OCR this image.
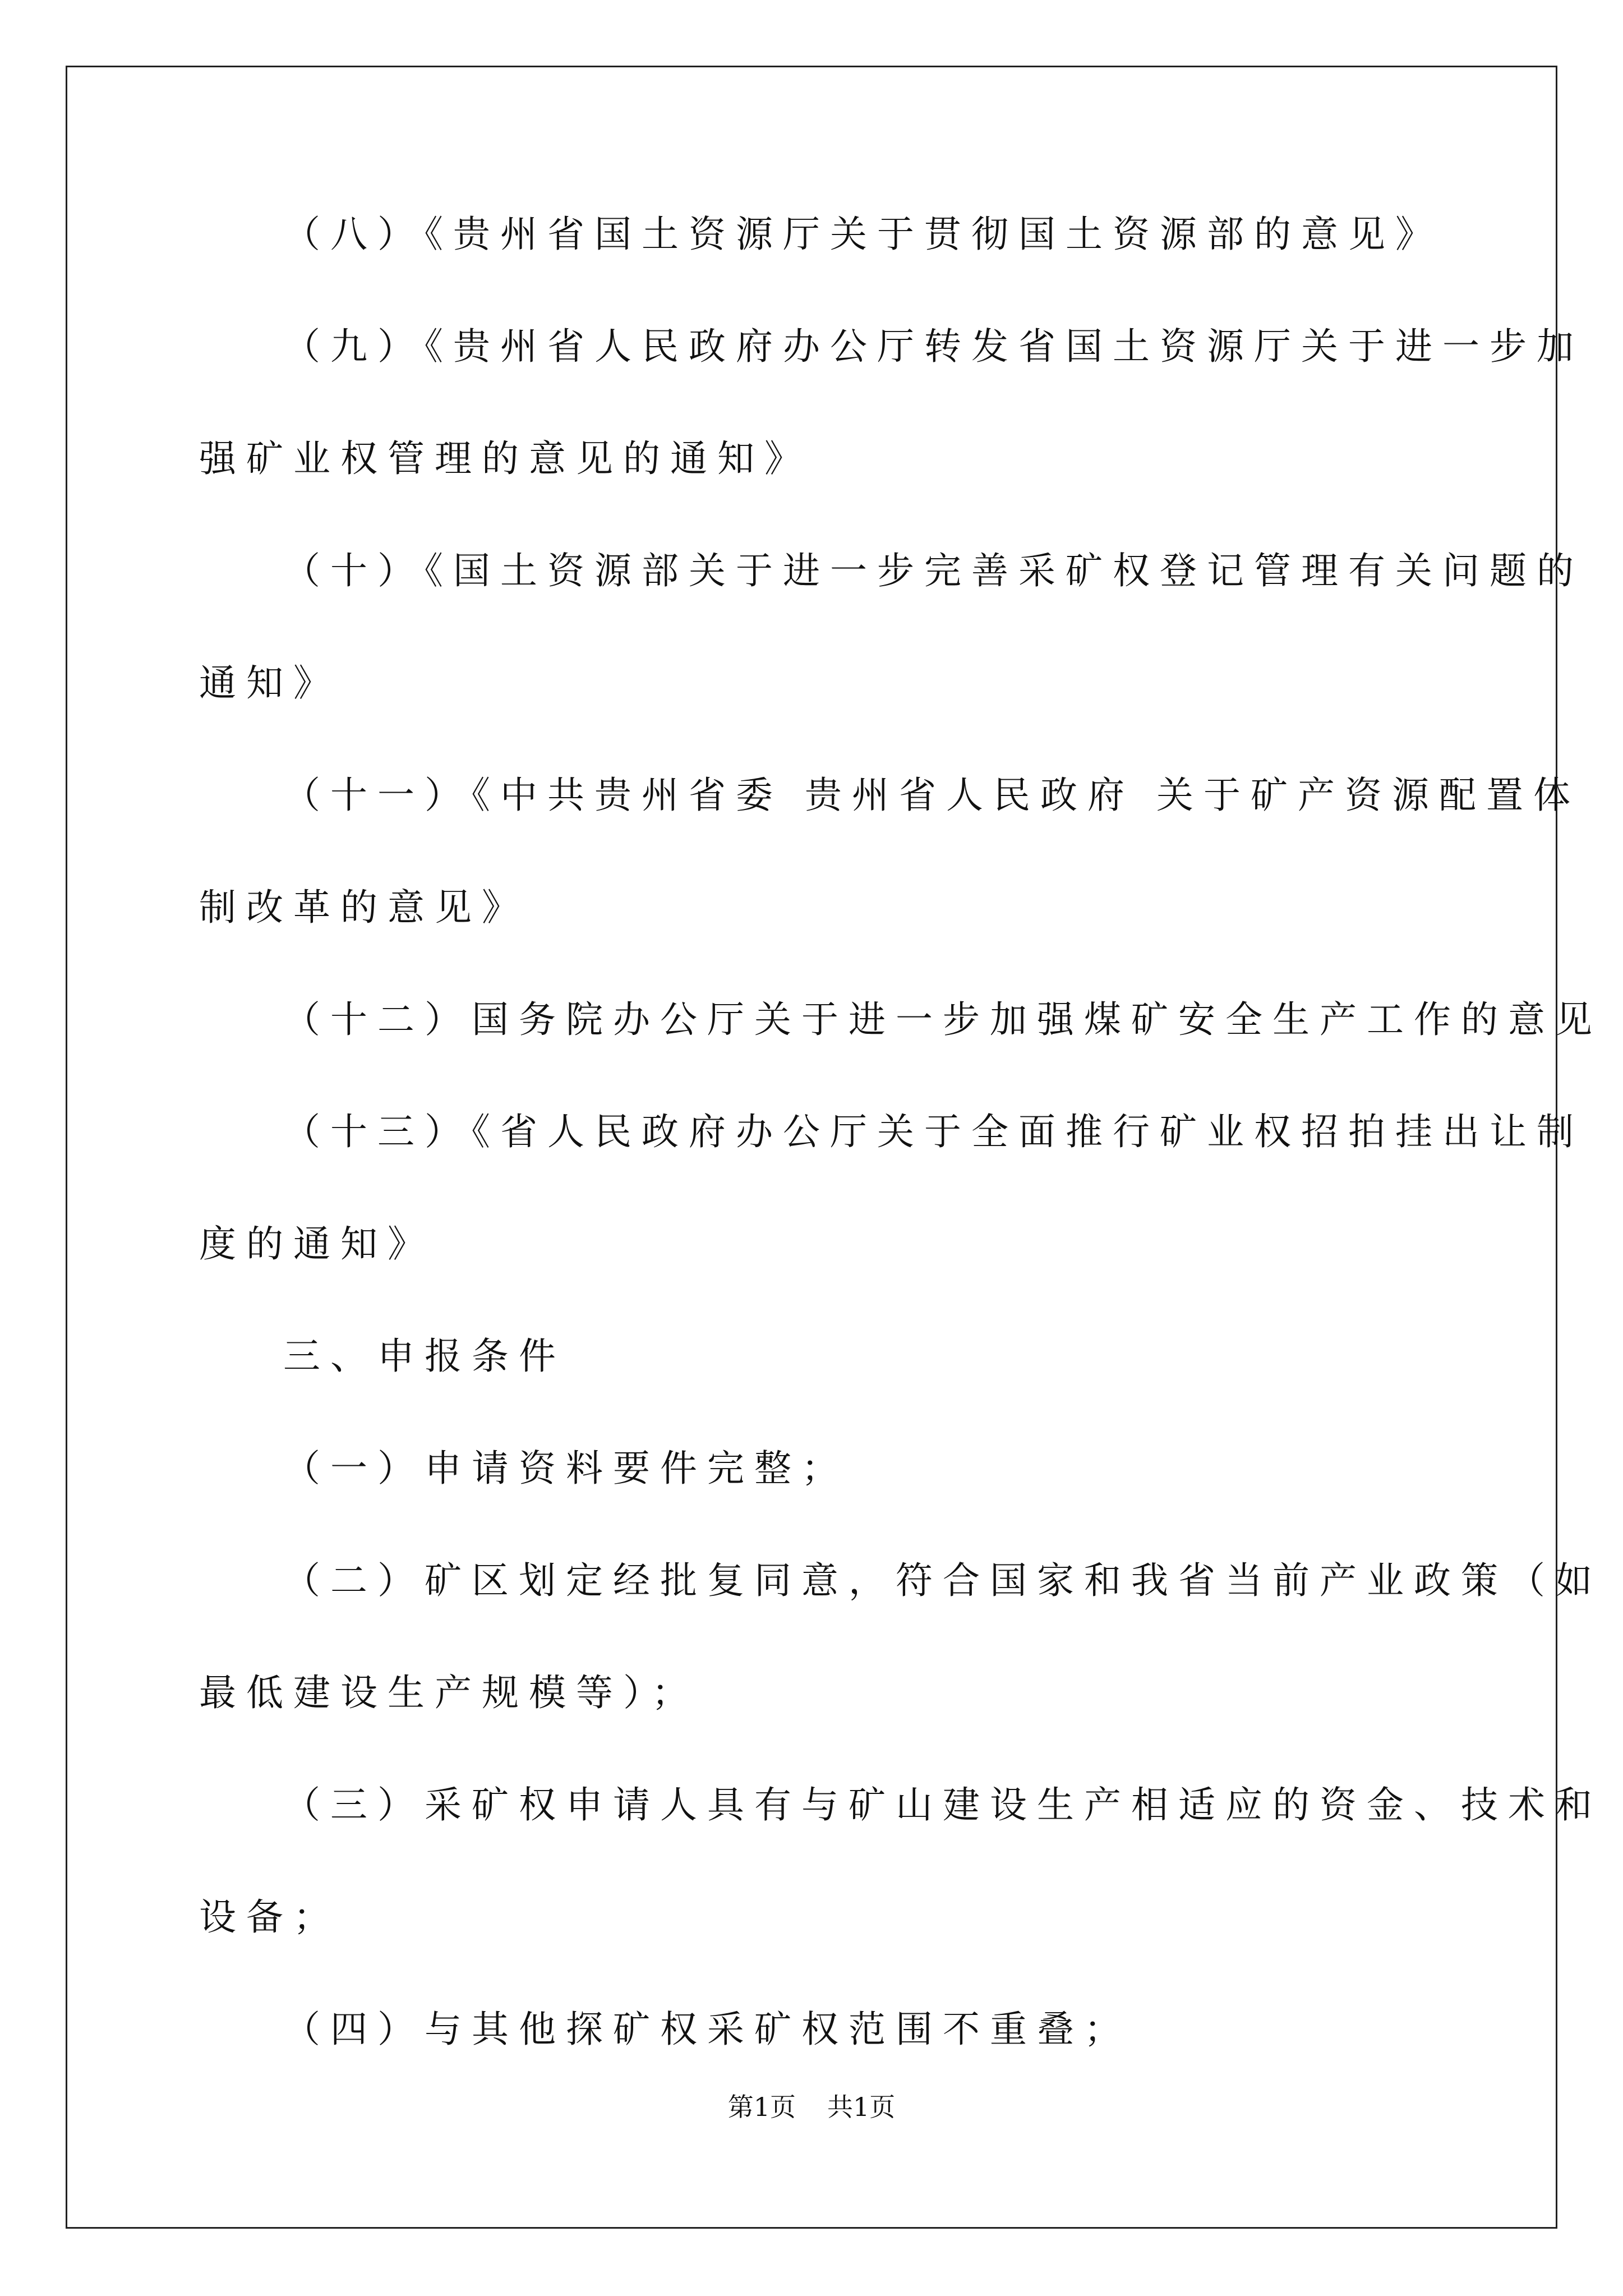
（八）《贵州省国土资源厅关于贯彻国土资源部的意见》
（九）《贵州省人民政府办公厅转发省国土资源厅关于进一步加
强矿业权管理的意见的通知》
（十）《国土资源部关于进一步完善采矿权登记管理有关问题的
通知》
（十一）《中共贵州省委 贵州省人民政府 关于矿产资源配置体
制改革的意见》
（十二）国务院办公厅关于进一步加强煤矿安全生产工作的意见
（十三）《省人民政府办公厅关于全面推行矿业权招拍挂出让制
度的通知》
三、申报条件
（一）申请资料要件完整；
（二）矿区划定经批复同意，符合国家和我省当前产业政策（如
最低建设生产规模等）；
（三）采矿权申请人具有与矿山建设生产相适应的资金、技术和
设备；
（四）与其他探矿权采矿权范围不重叠；
第1页 共1页
